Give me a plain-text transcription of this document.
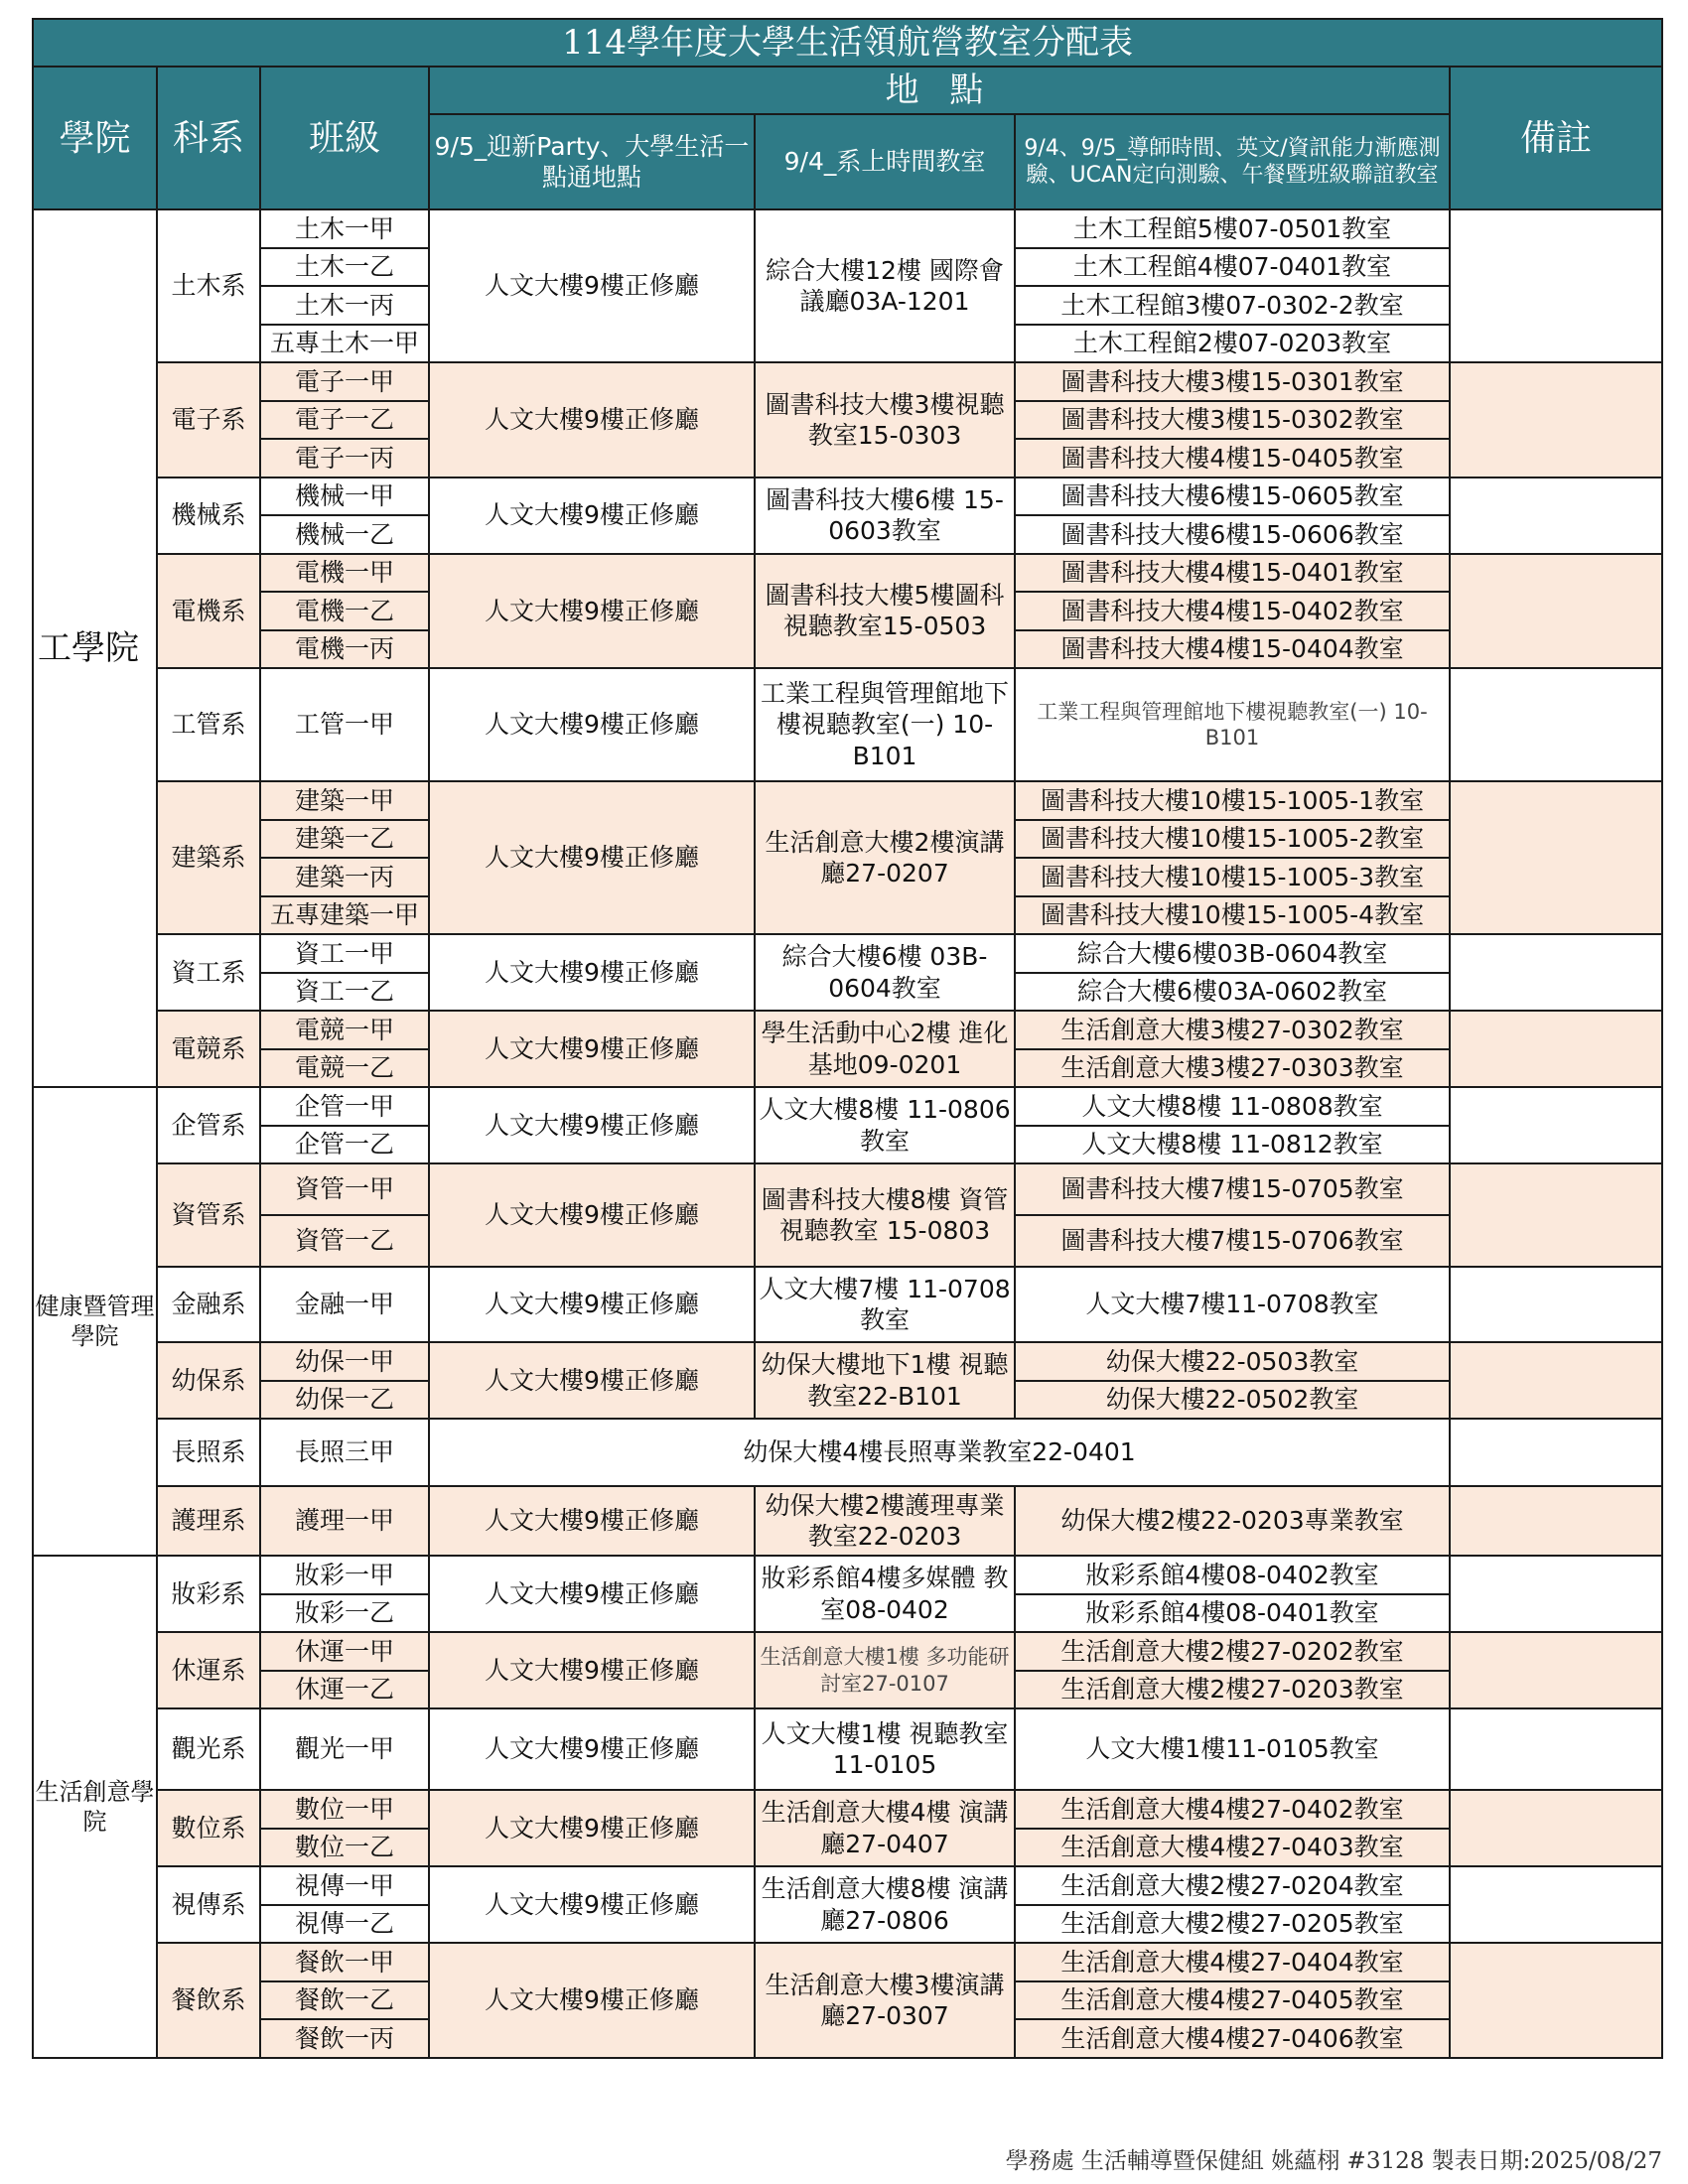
114學年度大學生活領航營教室分配表						
學院	科系	班級	地 點			備註
			9/5_迎新Party、大學生活一點通地點	9/4_系上時間教室	9/4、9/5_導師時間、英文/資訊能力漸應測驗、UCAN定向測驗、午餐暨班級聯誼教室	
工學院	土木系	土木一甲	人文大樓9樓正修廳	綜合大樓12樓 國際會議廳03A-1201	土木工程館5樓07-0501教室	
		土木一乙			土木工程館4樓07-0401教室	
		土木一丙			土木工程館3樓07-0302-2教室	
		五專土木一甲			土木工程館2樓07-0203教室	
	電子系	電子一甲	人文大樓9樓正修廳	圖書科技大樓3樓視聽教室15-0303	圖書科技大樓3樓15-0301教室	
		電子一乙			圖書科技大樓3樓15-0302教室	
		電子一丙			圖書科技大樓4樓15-0405教室	
	機械系	機械一甲	人文大樓9樓正修廳	圖書科技大樓6樓 15-0603教室	圖書科技大樓6樓15-0605教室	
		機械一乙			圖書科技大樓6樓15-0606教室	
	電機系	電機一甲	人文大樓9樓正修廳	圖書科技大樓5樓圖科視聽教室15-0503	圖書科技大樓4樓15-0401教室	
		電機一乙			圖書科技大樓4樓15-0402教室	
		電機一丙			圖書科技大樓4樓15-0404教室	
	工管系	工管一甲	人文大樓9樓正修廳	工業工程與管理館地下樓視聽教室(一) 10-B101	工業工程與管理館地下樓視聽教室(一) 10-B101	
	建築系	建築一甲	人文大樓9樓正修廳	生活創意大樓2樓演講廳27-0207	圖書科技大樓10樓15-1005-1教室	
		建築一乙			圖書科技大樓10樓15-1005-2教室	
		建築一丙			圖書科技大樓10樓15-1005-3教室	
		五專建築一甲			圖書科技大樓10樓15-1005-4教室	
	資工系	資工一甲	人文大樓9樓正修廳	綜合大樓6樓 03B-0604教室	綜合大樓6樓03B-0604教室	
		資工一乙			綜合大樓6樓03A-0602教室	
	電競系	電競一甲	人文大樓9樓正修廳	學生活動中心2樓 進化基地09-0201	生活創意大樓3樓27-0302教室	
		電競一乙			生活創意大樓3樓27-0303教室	
健康暨管理學院	企管系	企管一甲	人文大樓9樓正修廳	人文大樓8樓 11-0806教室	人文大樓8樓 11-0808教室	
		企管一乙			人文大樓8樓 11-0812教室	
	資管系	資管一甲	人文大樓9樓正修廳	圖書科技大樓8樓 資管視聽教室 15-0803	圖書科技大樓7樓15-0705教室	
		資管一乙			圖書科技大樓7樓15-0706教室	
	金融系	金融一甲	人文大樓9樓正修廳	人文大樓7樓 11-0708教室	人文大樓7樓11-0708教室	
	幼保系	幼保一甲	人文大樓9樓正修廳	幼保大樓地下1樓 視聽教室22-B101	幼保大樓22-0503教室	
		幼保一乙			幼保大樓22-0502教室	
	長照系	長照三甲	幼保大樓4樓長照專業教室22-0401			
	護理系	護理一甲	人文大樓9樓正修廳	幼保大樓2樓護理專業教室22-0203	幼保大樓2樓22-0203專業教室	
生活創意學院	妝彩系	妝彩一甲	人文大樓9樓正修廳	妝彩系館4樓多媒體 教室08-0402	妝彩系館4樓08-0402教室	
		妝彩一乙			妝彩系館4樓08-0401教室	
	休運系	休運一甲	人文大樓9樓正修廳	生活創意大樓1樓 多功能研討室27-0107	生活創意大樓2樓27-0202教室	
		休運一乙			生活創意大樓2樓27-0203教室	
	觀光系	觀光一甲	人文大樓9樓正修廳	人文大樓1樓 視聽教室11-0105	人文大樓1樓11-0105教室	
	數位系	數位一甲	人文大樓9樓正修廳	生活創意大樓4樓 演講廳27-0407	生活創意大樓4樓27-0402教室	
		數位一乙			生活創意大樓4樓27-0403教室	
	視傳系	視傳一甲	人文大樓9樓正修廳	生活創意大樓8樓 演講廳27-0806	生活創意大樓2樓27-0204教室	
		視傳一乙			生活創意大樓2樓27-0205教室	
	餐飲系	餐飲一甲	人文大樓9樓正修廳	生活創意大樓3樓演講廳27-0307	生活創意大樓4樓27-0404教室	
		餐飲一乙			生活創意大樓4樓27-0405教室	
		餐飲一丙			生活創意大樓4樓27-0406教室	
學務處 生活輔導暨保健組 姚蘊栩 #3128 製表日期:2025/08/27
